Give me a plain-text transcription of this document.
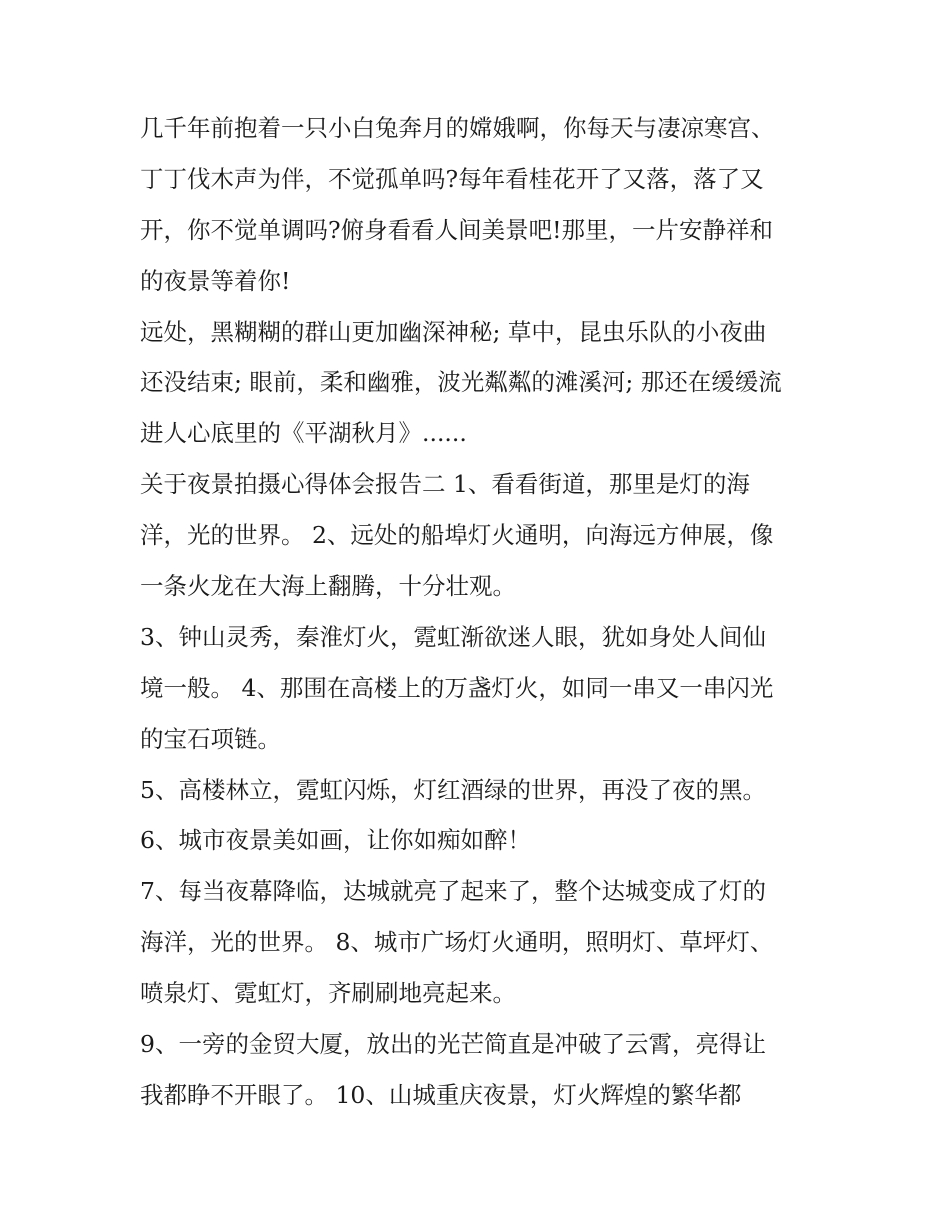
几千年前抱着一只小白兔奔月的嫦娥啊，你每天与凄凉寒宫、
丁丁伐木声为伴，不觉孤单吗?每年看桂花开了又落，落了又
开，你不觉单调吗?俯身看看人间美景吧!那里，一片安静祥和
的夜景等着你!
远处，黑糊糊的群山更加幽深神秘; 草中，昆虫乐队的小夜曲
还没结束; 眼前，柔和幽雅，波光粼粼的滩溪河; 那还在缓缓流
进人心底里的《平湖秋月》......
关于夜景拍摄心得体会报告二 1、看看街道，那里是灯的海
洋，光的世界。 2、远处的船埠灯火通明，向海远方伸展，像
一条火龙在大海上翻腾，十分壮观。
3、钟山灵秀，秦淮灯火，霓虹渐欲迷人眼，犹如身处人间仙
境一般。 4、那围在高楼上的万盏灯火，如同一串又一串闪光
的宝石项链。
5、高楼林立，霓虹闪烁，灯红酒绿的世界，再没了夜的黑。
6、城市夜景美如画，让你如痴如醉！
7、每当夜幕降临，达城就亮了起来了，整个达城变成了灯的
海洋，光的世界。 8、城市广场灯火通明，照明灯、草坪灯、
喷泉灯、霓虹灯，齐刷刷地亮起来。
9、一旁的金贸大厦，放出的光芒简直是冲破了云霄，亮得让
我都睁不开眼了。 10、山城重庆夜景，灯火辉煌的繁华都
